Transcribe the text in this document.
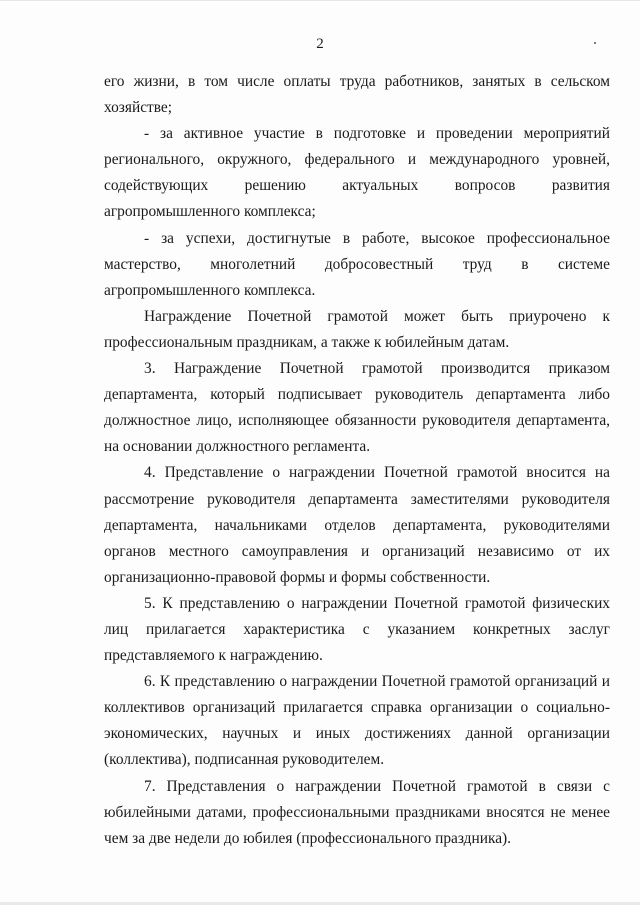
2

его жизни, в том числе оплаты труда работников, занятых в сельском хозяйстве;

- за активное участие в подготовке и проведении мероприятий регионального, окружного, федерального и международного уровней, содействующих решению актуальных вопросов развития агропромышленного комплекса;

- за успехи, достигнутые в работе, высокое профессиональное мастерство, многолетний добросовестный труд в системе агропромышленного комплекса.

Награждение Почетной грамотой может быть приурочено к профессиональным праздникам, а также к юбилейным датам.

3. Награждение Почетной грамотой производится приказом департамента, который подписывает руководитель департамента либо должностное лицо, исполняющее обязанности руководителя департамента, на основании должностного регламента.

4. Представление о награждении Почетной грамотой вносится на рассмотрение руководителя департамента заместителями руководителя департамента, начальниками отделов департамента, руководителями органов местного самоуправления и организаций независимо от их организационно-правовой формы и формы собственности.

5. К представлению о награждении Почетной грамотой физических лиц прилагается характеристика с указанием конкретных заслуг представляемого к награждению.

6. К представлению о награждении Почетной грамотой организаций и коллективов организаций прилагается справка организации о социально-экономических, научных и иных достижениях данной организации (коллектива), подписанная руководителем.

7. Представления о награждении Почетной грамотой в связи с юбилейными датами, профессиональными праздниками вносятся не менее чем за две недели до юбилея (профессионального праздника).
